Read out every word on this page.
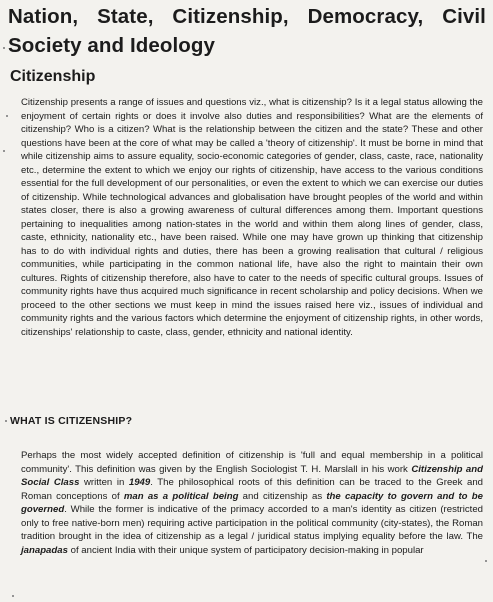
Nation, State, Citizenship, Democracy, Civil
Society and Ideology
Citizenship

Citizenship presents a range of issues and questions viz., what is citizenship? Is it a legal status allowing the enjoyment of certain rights or does it involve also duties and responsibilities? What are the elements of citizenship? Who is a citizen? What is the relationship between the citizen and the state? These and other questions have been at the core of what may be called a 'theory of citizenship'. It must be borne in mind that while citizenship aims to assure equality, socio-economic categories of gender, class, caste, race, nationality etc., determine the extent to which we enjoy our rights of citizenship, have access to the various conditions essential for the full development of our personalities, or even the extent to which we can exercise our duties of citizenship. While technological advances and globalisation have brought peoples of the world and within states closer, there is also a growing awareness of cultural differences among them. Important questions pertaining to inequalities among nation-states in the world and within them along lines of gender, class, caste, ethnicity, nationality etc., have been raised. While one may have grown up thinking that citizenship has to do with individual rights and duties, there has been a growing realisation that cultural / religious communities, while participating in the common national life, have also the right to maintain their own cultures. Rights of citizenship therefore, also have to cater to the needs of specific cultural groups. Issues of community rights have thus acquired much significance in recent scholarship and policy decisions. When we proceed to the other sections we must keep in mind the issues raised here viz., issues of individual and community rights and the various factors which determine the enjoyment of citizenship rights, in other words, citizenships' relationship to caste, class, gender, ethnicity and national identity.

WHAT IS CITIZENSHIP?

Perhaps the most widely accepted definition of citizenship is 'full and equal membership in a political community'. This definition was given by the English Sociologist T. H. Marslall in his work Citizenship and Social Class written in 1949. The philosophical roots of this definition can be traced to the Greek and Roman conceptions of man as a political being and citizenship as the capacity to govern and to be governed. While the former is indicative of the primacy accorded to a man's identity as citizen (restricted only to free native-born men) requiring active participation in the political community (city-states), the Roman tradition brought in the idea of citizenship as a legal / juridical status implying equality before the law. The janapadas of ancient India with their unique system of participatory decision-making in popular
